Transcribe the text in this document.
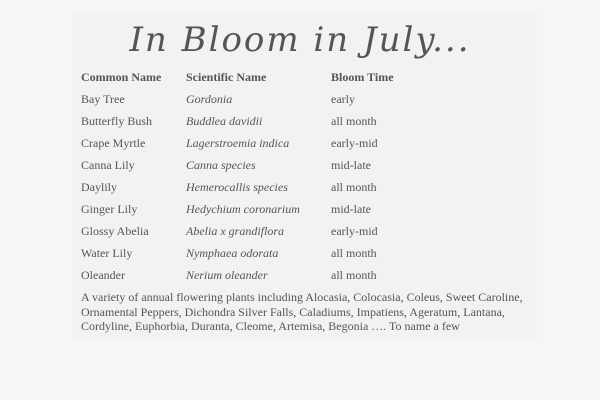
In Bloom in July...
Common Name	Scientific Name	Bloom Time
Bay Tree	Gordonia	early
Butterfly Bush	Buddlea davidii	all month
Crape Myrtle	Lagerstroemia indica	early-mid
Canna Lily	Canna species	mid-late
Daylily	Hemerocallis species	all month
Ginger Lily	Hedychium coronarium	mid-late
Glossy Abelia	Abelia x grandiflora	early-mid
Water Lily	Nymphaea odorata	all month
Oleander	Nerium oleander	all month

A variety of annual flowering plants including Alocasia, Colocasia, Coleus, Sweet Caroline, Ornamental Peppers, Dichondra Silver Falls, Caladiums, Impatiens, Ageratum, Lantana, Cordyline, Euphorbia, Duranta, Cleome, Artemisa, Begonia …. To name a few
